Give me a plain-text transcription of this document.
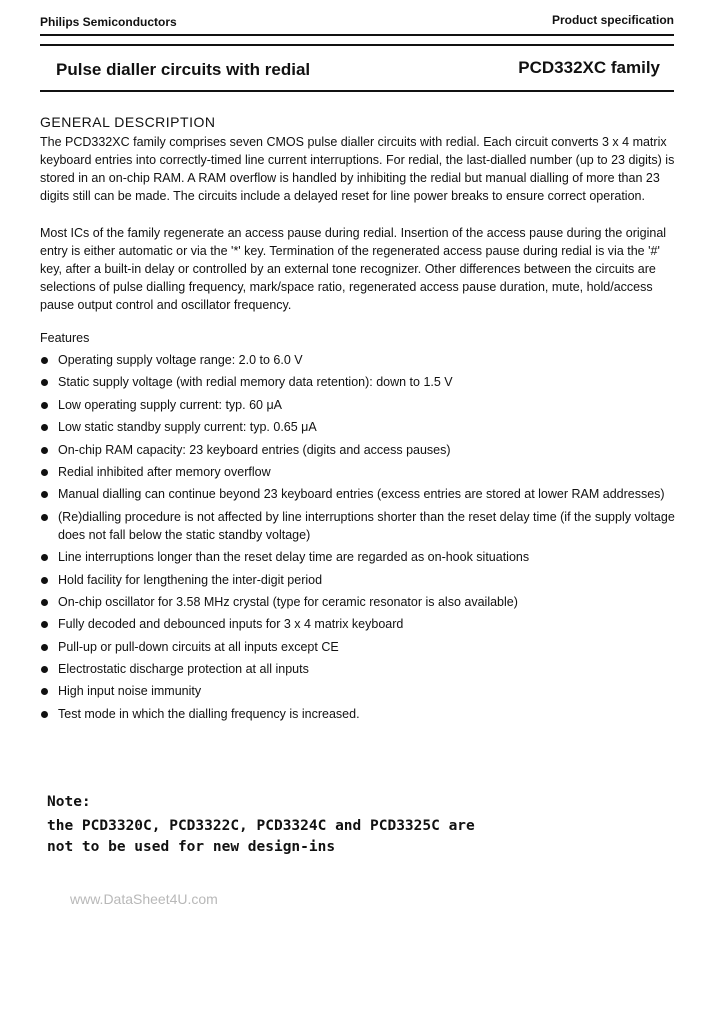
Philips Semiconductors	Product specification
Pulse dialler circuits with redial	PCD332XC family
GENERAL DESCRIPTION

The PCD332XC family comprises seven CMOS pulse dialler circuits with redial. Each circuit converts 3 x 4 matrix keyboard entries into correctly-timed line current interruptions. For redial, the last-dialled number (up to 23 digits) is stored in an on-chip RAM. A RAM overflow is handled by inhibiting the redial but manual dialling of more than 23 digits still can be made. The circuits include a delayed reset for line power breaks to ensure correct operation.

Most ICs of the family regenerate an access pause during redial. Insertion of the access pause during the original entry is either automatic or via the '*' key. Termination of the regenerated access pause during redial is via the '#' key, after a built-in delay or controlled by an external tone recognizer. Other differences between the circuits are selections of pulse dialling frequency, mark/space ratio, regenerated access pause duration, mute, hold/access pause output control and oscillator frequency.

Features
Operating supply voltage range: 2.0 to 6.0 V
Static supply voltage (with redial memory data retention): down to 1.5 V
Low operating supply current: typ. 60 μA
Low static standby supply current: typ. 0.65 μA
On-chip RAM capacity: 23 keyboard entries (digits and access pauses)
Redial inhibited after memory overflow
Manual dialling can continue beyond 23 keyboard entries (excess entries are stored at lower RAM addresses)
(Re)dialling procedure is not affected by line interruptions shorter than the reset delay time (if the supply voltage does not fall below the static standby voltage)
Line interruptions longer than the reset delay time are regarded as on-hook situations
Hold facility for lengthening the inter-digit period
On-chip oscillator for 3.58 MHz crystal (type for ceramic resonator is also available)
Fully decoded and debounced inputs for 3 x 4 matrix keyboard
Pull-up or pull-down circuits at all inputs except CE
Electrostatic discharge protection at all inputs
High input noise immunity
Test mode in which the dialling frequency is increased.
Note:
the PCD3320C, PCD3322C, PCD3324C and PCD3325C are
not to be used for new design-ins
www.DataSheet4U.com
